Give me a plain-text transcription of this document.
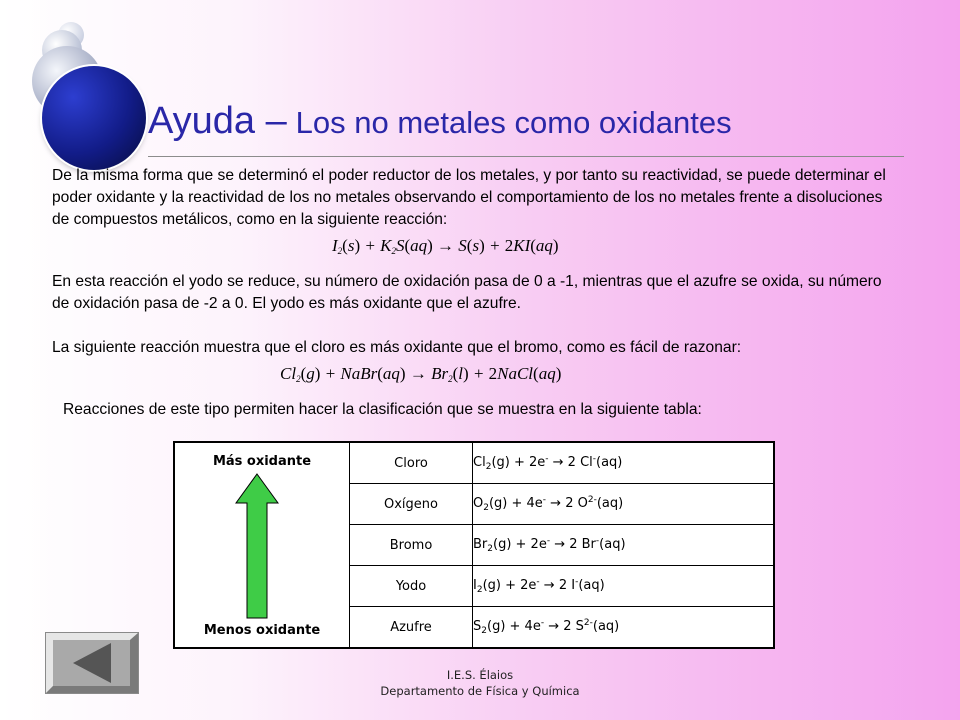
Ayuda – Los no metales como oxidantes

De la misma forma que se determinó el poder reductor de los metales, y por tanto su reactividad, se puede determinar el poder oxidante y la reactividad de los no metales observando el comportamiento de los no metales frente a disoluciones de compuestos metálicos, como en la siguiente reacción:

$I_2(s) + K_2S(aq) \to S(s) + 2KI(aq)$

En esta reacción el yodo se reduce, su número de oxidación pasa de 0 a -1, mientras que el azufre se oxida, su número de oxidación pasa de -2 a 0. El yodo es más oxidante que el azufre.

La siguiente reacción muestra que el cloro es más oxidante que el bromo, como es fácil de razonar:

$Cl_2(g)$ + NaBr(aq) → $Br_2(l)$ + 2NaCl(aq)

Reacciones de este tipo permiten hacer la clasificación que se muestra en la siguiente tabla:

Más oxidante
Menos oxidante	Cloro	$Cl_2(g) + 2e^- \to 2$ Cl-(aq)
	Oxígeno	$O_2(g) + 4e^- \to 2$ $O^{2-}(aq)$
	Bromo	$Br_2(g) + 2e^- \to 2$ Br-(aq)
	Yodo	$I_2(g) + 2e^- \to 2$ I-(aq)
	Azufre	$S_2(g) + 4e^- \to 2$ $S^{2-}(aq)$
I.E.S. Élaios
Departamento de Física y Química
